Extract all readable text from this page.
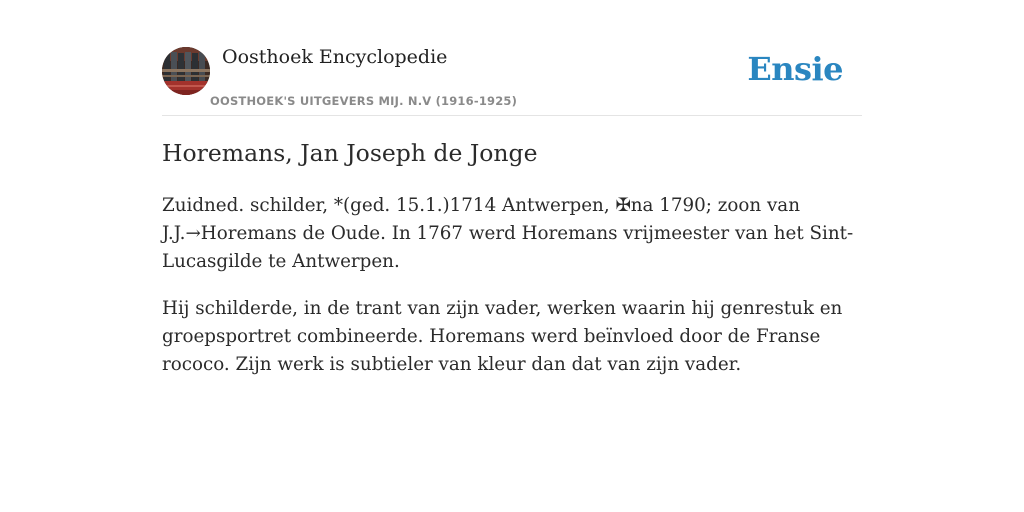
Oosthoek Encyclopedie
OOSTHOEK'S UITGEVERS MIJ. N.V (1916-1925)
Ensie
Horemans, Jan Joseph de Jonge

Zuidned. schilder, *(ged. 15.1.)1714 Antwerpen, ✠na 1790; zoon van J.J.→Horemans de Oude. In 1767 werd Horemans vrijmeester van het Sint-Lucasgilde te Antwerpen.

Hij schilderde, in de trant van zijn vader, werken waarin hij genrestuk en groepsportret combineerde. Horemans werd beïnvloed door de Franse rococo. Zijn werk is subtieler van kleur dan dat van zijn vader.
